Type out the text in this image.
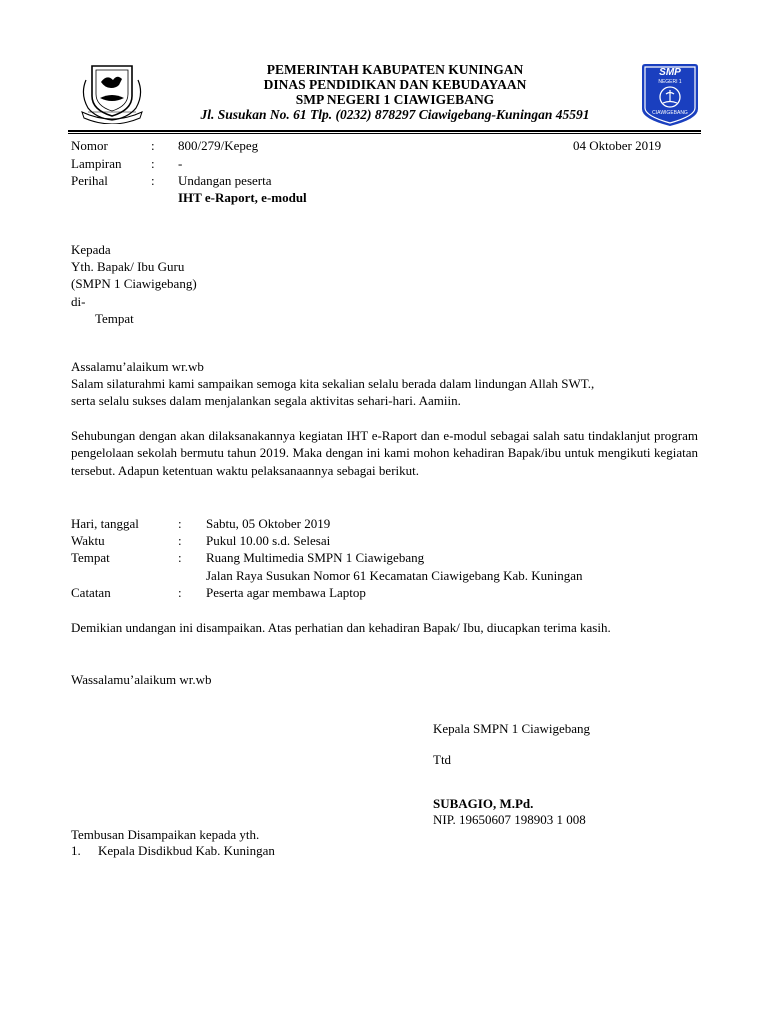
SMP
NEGERI 1
CIAWIGEBANG
PEMERINTAH KABUPATEN KUNINGAN
DINAS PENDIDIKAN DAN KEBUDAYAAN
SMP NEGERI 1 CIAWIGEBANG
Jl. Susukan No. 61 Tlp. (0232) 878297 Ciawigebang-Kuningan 45591
Nomor	: 800/279/Kepeg	04 Oktober 2019
Lampiran : -
Perihal	: Undangan peserta
IHT e-Raport, e-modul
Kepada
Yth. Bapak/ Ibu Guru
(SMPN 1 Ciawigebang)
di-
Tempat
Assalamu’alaikum wr.wb
Salam silaturahmi kami sampaikan semoga kita sekalian selalu berada dalam lindungan Allah SWT.,
serta selalu sukses dalam menjalankan segala aktivitas sehari-hari. Aamiin.
Sehubungan dengan akan dilaksanakannya kegiatan IHT e-Raport dan e-modul sebagai salah satu tindaklanjut program pengelolaan sekolah bermutu tahun 2019. Maka dengan ini kami mohon kehadiran Bapak/ibu untuk mengikuti kegiatan tersebut. Adapun ketentuan waktu pelaksanaannya sebagai berikut.
Hari, tanggal	: Sabtu, 05 Oktober 2019
Waktu	: Pukul 10.00 s.d. Selesai
Tempat	: Ruang Multimedia SMPN 1 Ciawigebang
Jalan Raya Susukan Nomor 61 Kecamatan Ciawigebang Kab. Kuningan
Catatan	: Peserta agar membawa Laptop
Demikian undangan ini disampaikan. Atas perhatian dan kehadiran Bapak/ Ibu, diucapkan terima kasih.
Wassalamu’alaikum wr.wb
Kepala SMPN 1 Ciawigebang
Ttd
SUBAGIO, M.Pd.
NIP. 19650607 198903 1 008
Tembusan Disampaikan kepada yth.
1. Kepala Disdikbud Kab. Kuningan
